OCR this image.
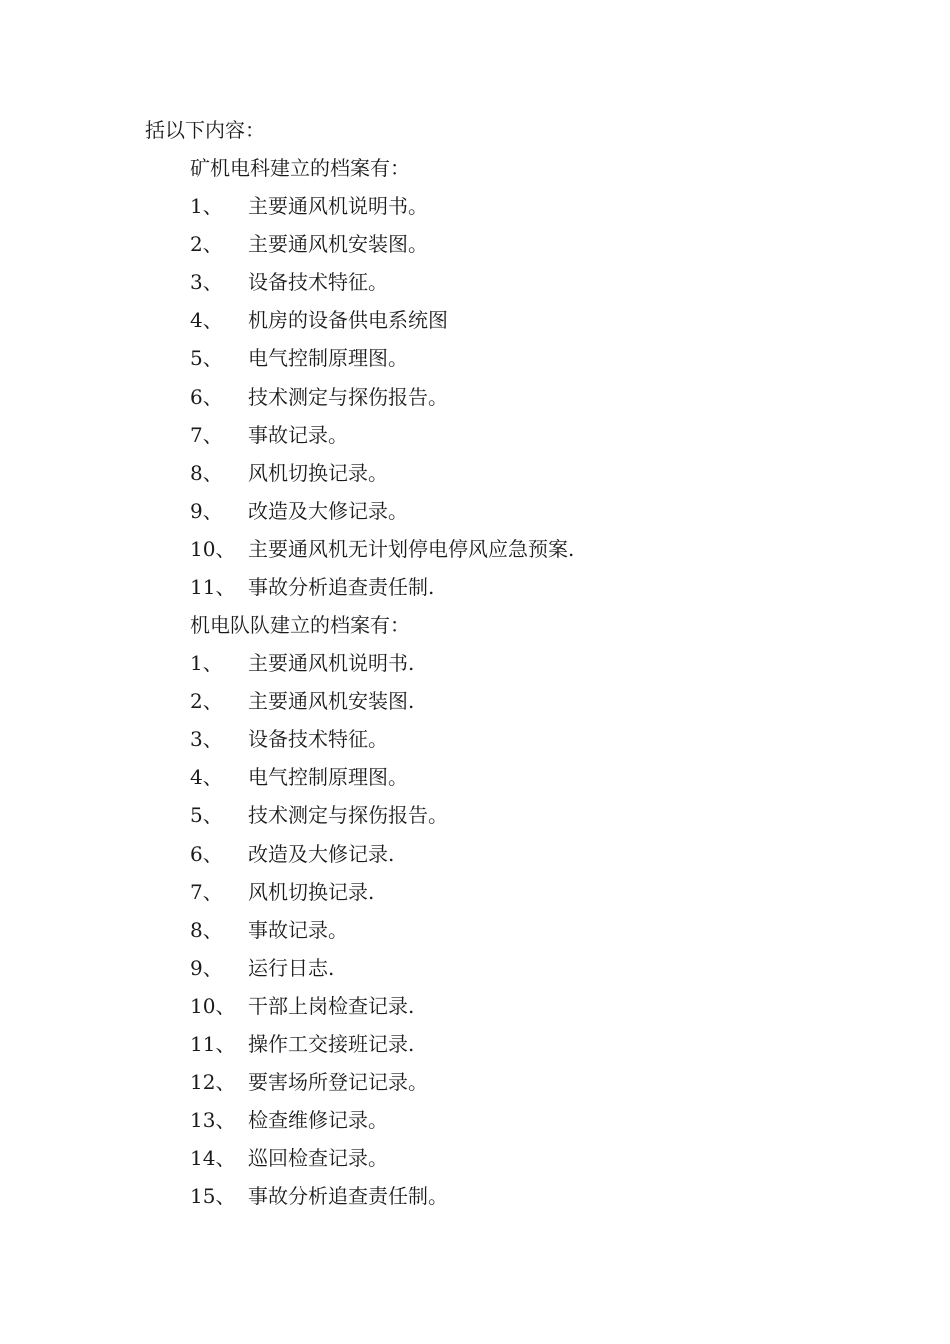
括以下内容：
矿机电科建立的档案有：
1、 主要通风机说明书。
2、 主要通风机安装图。
3、 设备技术特征。
4、 机房的设备供电系统图
5、 电气控制原理图。
6、 技术测定与探伤报告。
7、 事故记录。
8、 风机切换记录。
9、 改造及大修记录。
10、 主要通风机无计划停电停风应急预案.
11、 事故分析追查责任制.
机电队队建立的档案有：
1、 主要通风机说明书.
2、 主要通风机安装图.
3、 设备技术特征。
4、 电气控制原理图。
5、 技术测定与探伤报告。
6、 改造及大修记录.
7、 风机切换记录.
8、 事故记录。
9、 运行日志.
10、 干部上岗检查记录.
11、 操作工交接班记录.
12、 要害场所登记记录。
13、 检查维修记录。
14、 巡回检查记录。
15、 事故分析追查责任制。
